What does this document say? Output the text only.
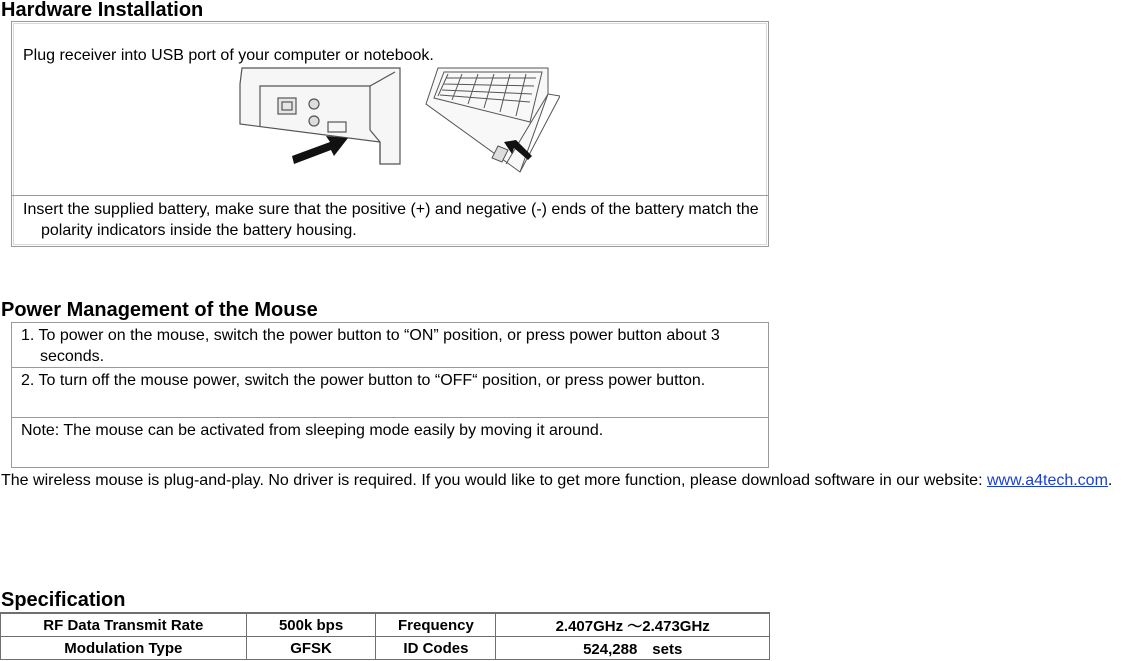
Hardware Installation
Plug receiver into USB port of your computer or notebook.
Insert the supplied battery, make sure that the positive (+) and negative (-) ends of the battery match the polarity indicators inside the battery housing.
Power Management of the Mouse

1. To power on the mouse, switch the power button to “ON” position, or press power button about 3 seconds.

2. To turn off the mouse power, switch the power button to “OFF“ position, or press power button.

Note: The mouse can be activated from sleeping mode easily by moving it around.

The wireless mouse is plug-and-play. No driver is required. If you would like to get more function, please download software in our website: www.a4tech.com.

Specification
RF Data Transmit Rate	500k bps	Frequency	2.407GHz ～2.473GHz
Modulation Type	GFSK	ID Codes	524,288　sets
